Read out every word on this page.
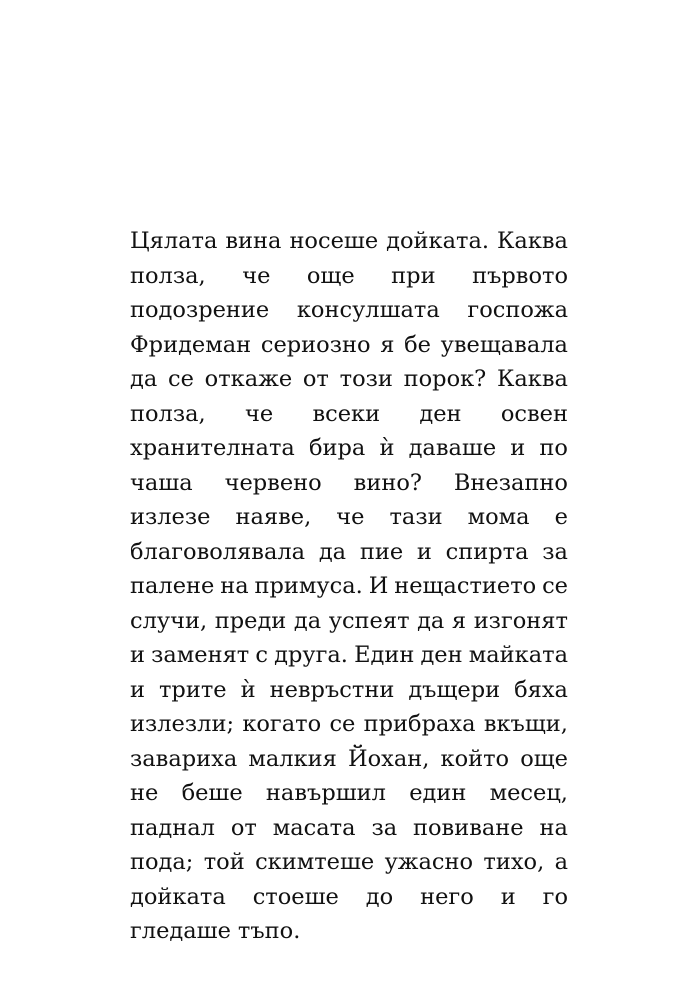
Цялата вина носеше дойката. Каква
полза, че още при първото
подозрение консулшата госпожа
Фридеман сериозно я бе увещавала
да се откаже от този порок? Каква
полза, че всеки ден освен
хранителната бира ѝ даваше и по
чаша червено вино? Внезапно
излезе наяве, че тази мома е
благоволявала да пие и спирта за
палене на примуса. И нещастието се
случи, преди да успеят да я изгонят
и заменят с друга. Един ден майката
и трите ѝ невръстни дъщери бяха
излезли; когато се прибраха вкъщи,
завариха малкия Йохан, който още
не беше навършил един месец,
паднал от масата за повиване на
пода; той скимтеше ужасно тихо, а
дойката стоеше до него и го
гледаше тъпо.
